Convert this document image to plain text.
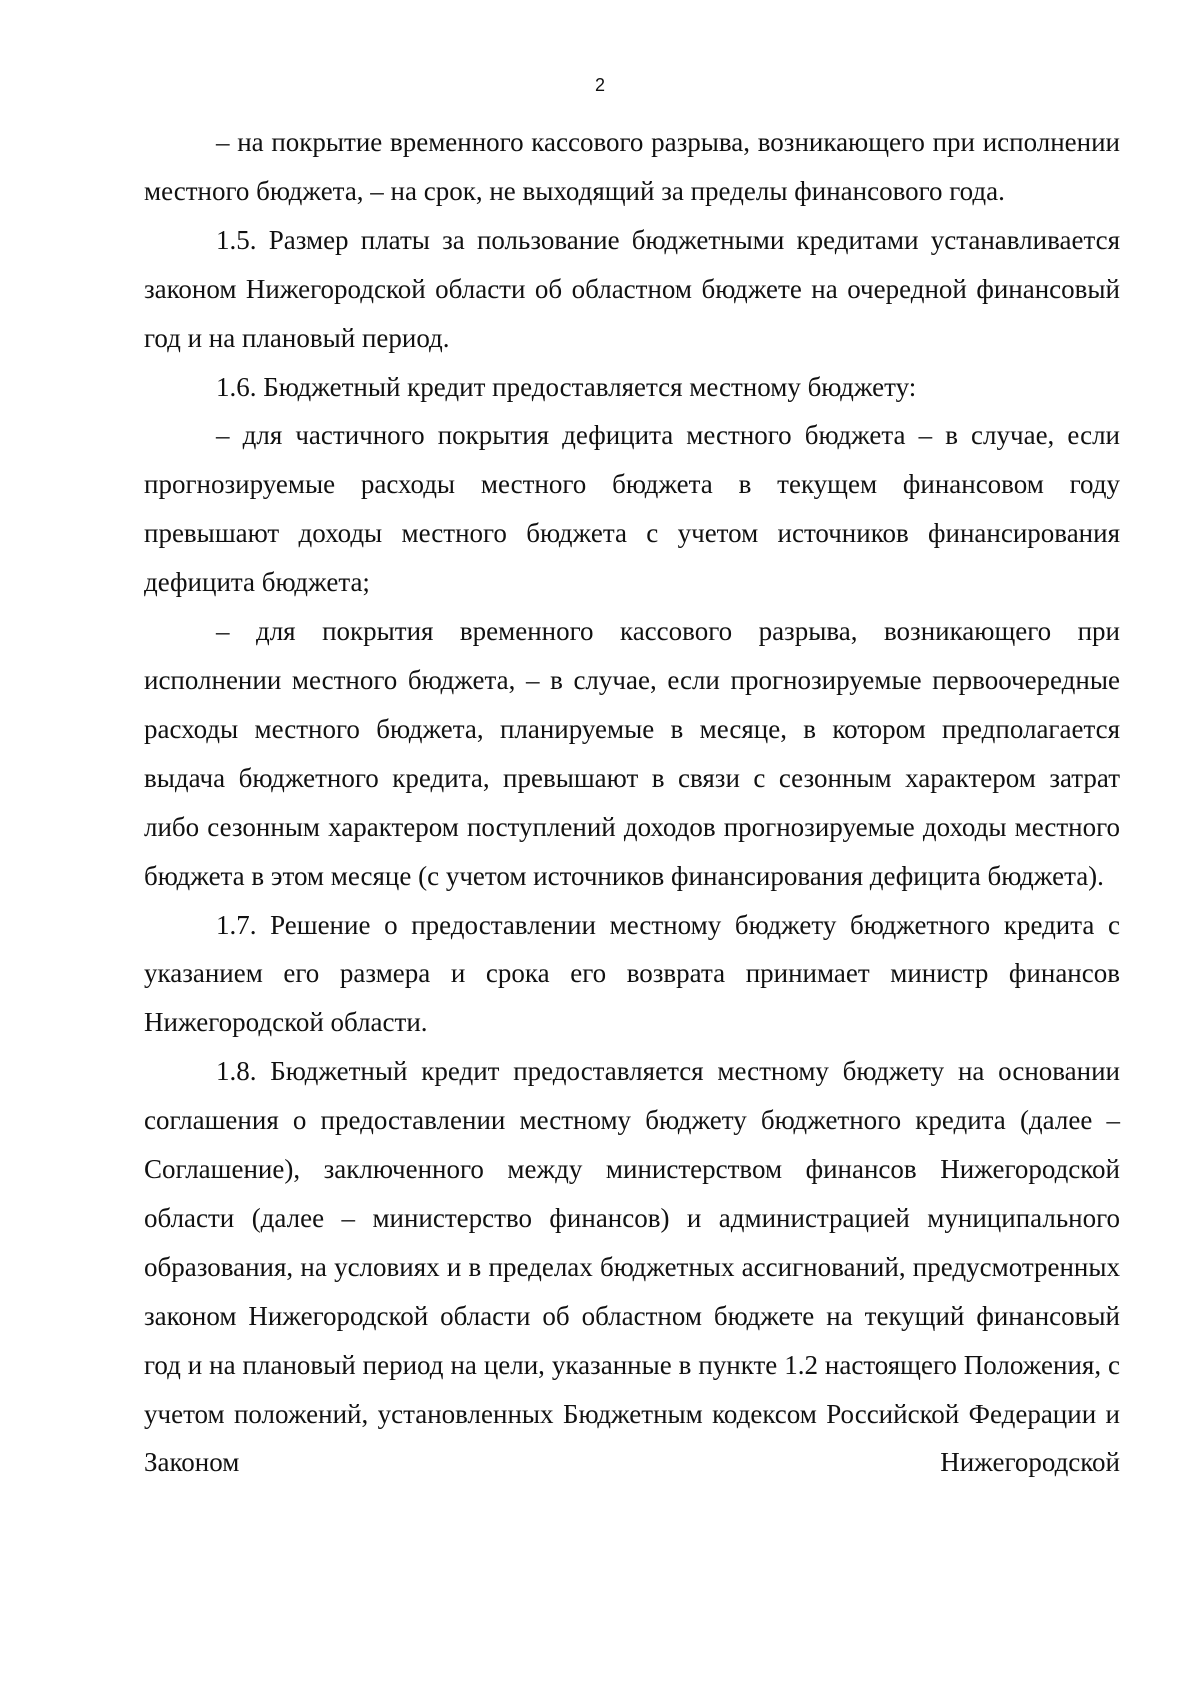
2

– на покрытие временного кассового разрыва, возникающего при исполнении местного бюджета, – на срок, не выходящий за пределы финансового года.

1.5. Размер платы за пользование бюджетными кредитами устанавливается законом Нижегородской области об областном бюджете на очередной финансовый год и на плановый период.

1.6. Бюджетный кредит предоставляется местному бюджету:

– для частичного покрытия дефицита местного бюджета – в случае, если прогнозируемые расходы местного бюджета в текущем финансовом году превышают доходы местного бюджета с учетом источников финансирования дефицита бюджета;

– для покрытия временного кассового разрыва, возникающего при исполнении местного бюджета, – в случае, если прогнозируемые первоочередные расходы местного бюджета, планируемые в месяце, в котором предполагается выдача бюджетного кредита, превышают в связи с сезонным характером затрат либо сезонным характером поступлений доходов прогнозируемые доходы местного бюджета в этом месяце (с учетом источников финансирования дефицита бюджета).

1.7. Решение о предоставлении местному бюджету бюджетного кредита с указанием его размера и срока его возврата принимает министр финансов Нижегородской области.

1.8. Бюджетный кредит предоставляется местному бюджету на основании соглашения о предоставлении местному бюджету бюджетного кредита (далее – Соглашение), заключенного между министерством финансов Нижегородской области (далее – министерство финансов) и администрацией муниципального образования, на условиях и в пределах бюджетных ассигнований, предусмотренных законом Нижегородской области об областном бюджете на текущий финансовый год и на плановый период на цели, указанные в пункте 1.2 настоящего Положения, с учетом положений, установленных Бюджетным кодексом Российской Федерации и Законом Нижегородской
